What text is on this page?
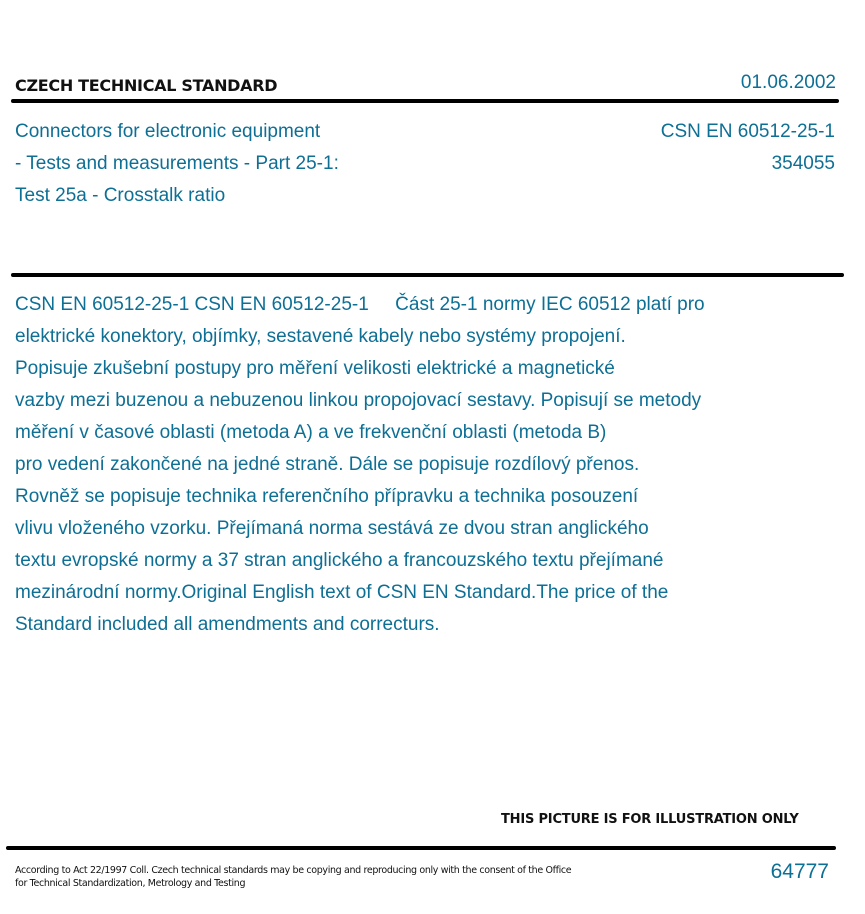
CZECH TECHNICAL STANDARD	01.06.2002
Connectors for electronic equipment
- Tests and measurements - Part 25-1:
Test 25a - Crosstalk ratio
CSN EN 60512-25-1
354055
CSN EN 60512-25-1 CSN EN 60512-25-1     Část 25-1 normy IEC 60512 platí pro
elektrické konektory, objímky, sestavené kabely nebo systémy propojení.
Popisuje zkušební postupy pro měření velikosti elektrické a magnetické
vazby mezi buzenou a nebuzenou linkou propojovací sestavy. Popisují se metody
měření v časové oblasti (metoda A) a ve frekvenční oblasti (metoda B)
pro vedení zakončené na jedné straně. Dále se popisuje rozdílový přenos.
Rovněž se popisuje technika referenčního přípravku a technika posouzení
vlivu vloženého vzorku. Přejímaná norma sestává ze dvou stran anglického
textu evropské normy a 37 stran anglického a francouzského textu přejímané
mezinárodní normy.Original English text of CSN EN Standard.The price of the
Standard included all amendments and correcturs.
THIS PICTURE IS FOR ILLUSTRATION ONLY
According to Act 22/1997 Coll. Czech technical standards may be copying and reproducing only with the consent of the Office
for Technical Standardization, Metrology and Testing
64777
